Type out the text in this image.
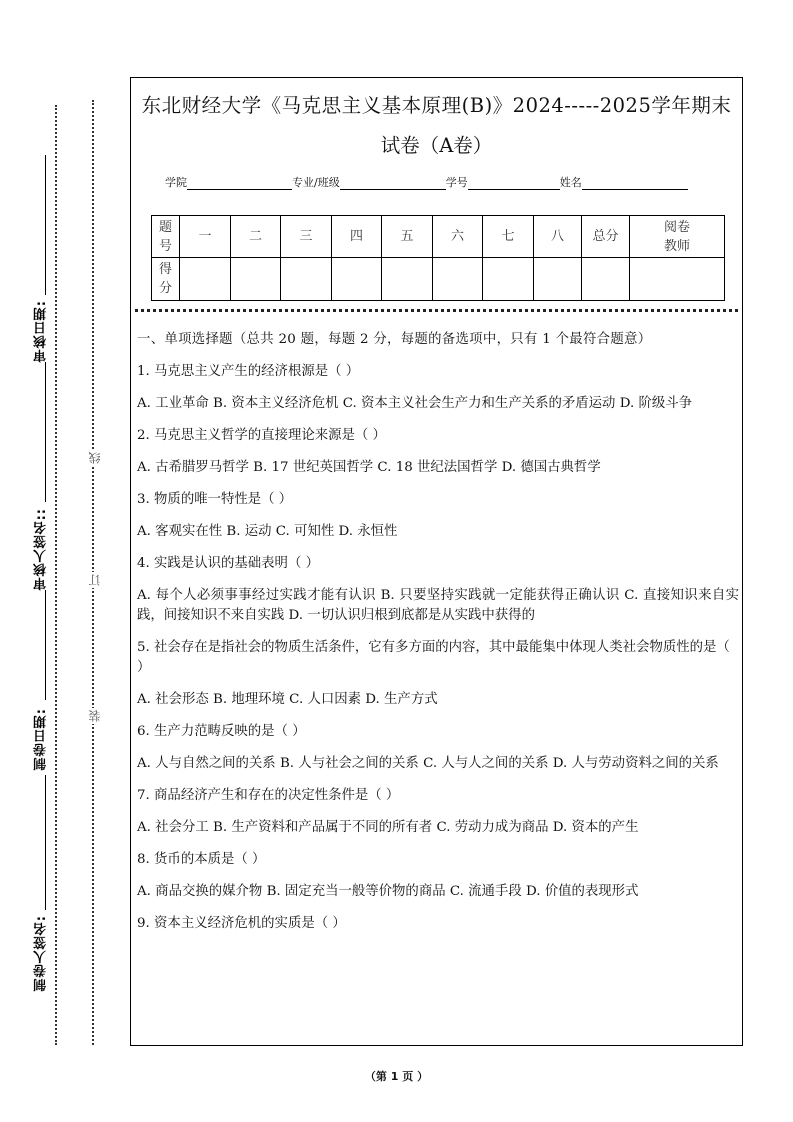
审核日期:
审核人签名::
制卷日期:
制卷人签名:
线
订
装
东北财经大学《马克思主义基本原理(B)》2024-----2025学年期末
试卷（A卷）
学院	专业/班级	学号	姓名
题号	一	二	三	四	五	六	七	八	总分	阅卷教师
得分										
一、单项选择题（总共 20 题，每题 2 分，每题的备选项中，只有 1 个最符合题意）
1. 马克思主义产生的经济根源是（ ）
A. 工业革命 B. 资本主义经济危机 C. 资本主义社会生产力和生产关系的矛盾运动 D. 阶级斗争
2. 马克思主义哲学的直接理论来源是（ ）
A. 古希腊罗马哲学 B. 17 世纪英国哲学 C. 18 世纪法国哲学 D. 德国古典哲学
3. 物质的唯一特性是（ ）
A. 客观实在性 B. 运动 C. 可知性 D. 永恒性
4. 实践是认识的基础表明（ ）
A. 每个人必须事事经过实践才能有认识 B. 只要坚持实践就一定能获得正确认识 C. 直接知识来自实践，间接知识不来自实践 D. 一切认识归根到底都是从实践中获得的
5. 社会存在是指社会的物质生活条件，它有多方面的内容，其中最能集中体现人类社会物质性的是（ ）
A. 社会形态 B. 地理环境 C. 人口因素 D. 生产方式
6. 生产力范畴反映的是（ ）
A. 人与自然之间的关系 B. 人与社会之间的关系 C. 人与人之间的关系 D. 人与劳动资料之间的关系
7. 商品经济产生和存在的决定性条件是（ ）
A. 社会分工 B. 生产资料和产品属于不同的所有者 C. 劳动力成为商品 D. 资本的产生
8. 货币的本质是（ ）
A. 商品交换的媒介物 B. 固定充当一般等价物的商品 C. 流通手段 D. 价值的表现形式
9. 资本主义经济危机的实质是（ ）
（第 1 页 ）
